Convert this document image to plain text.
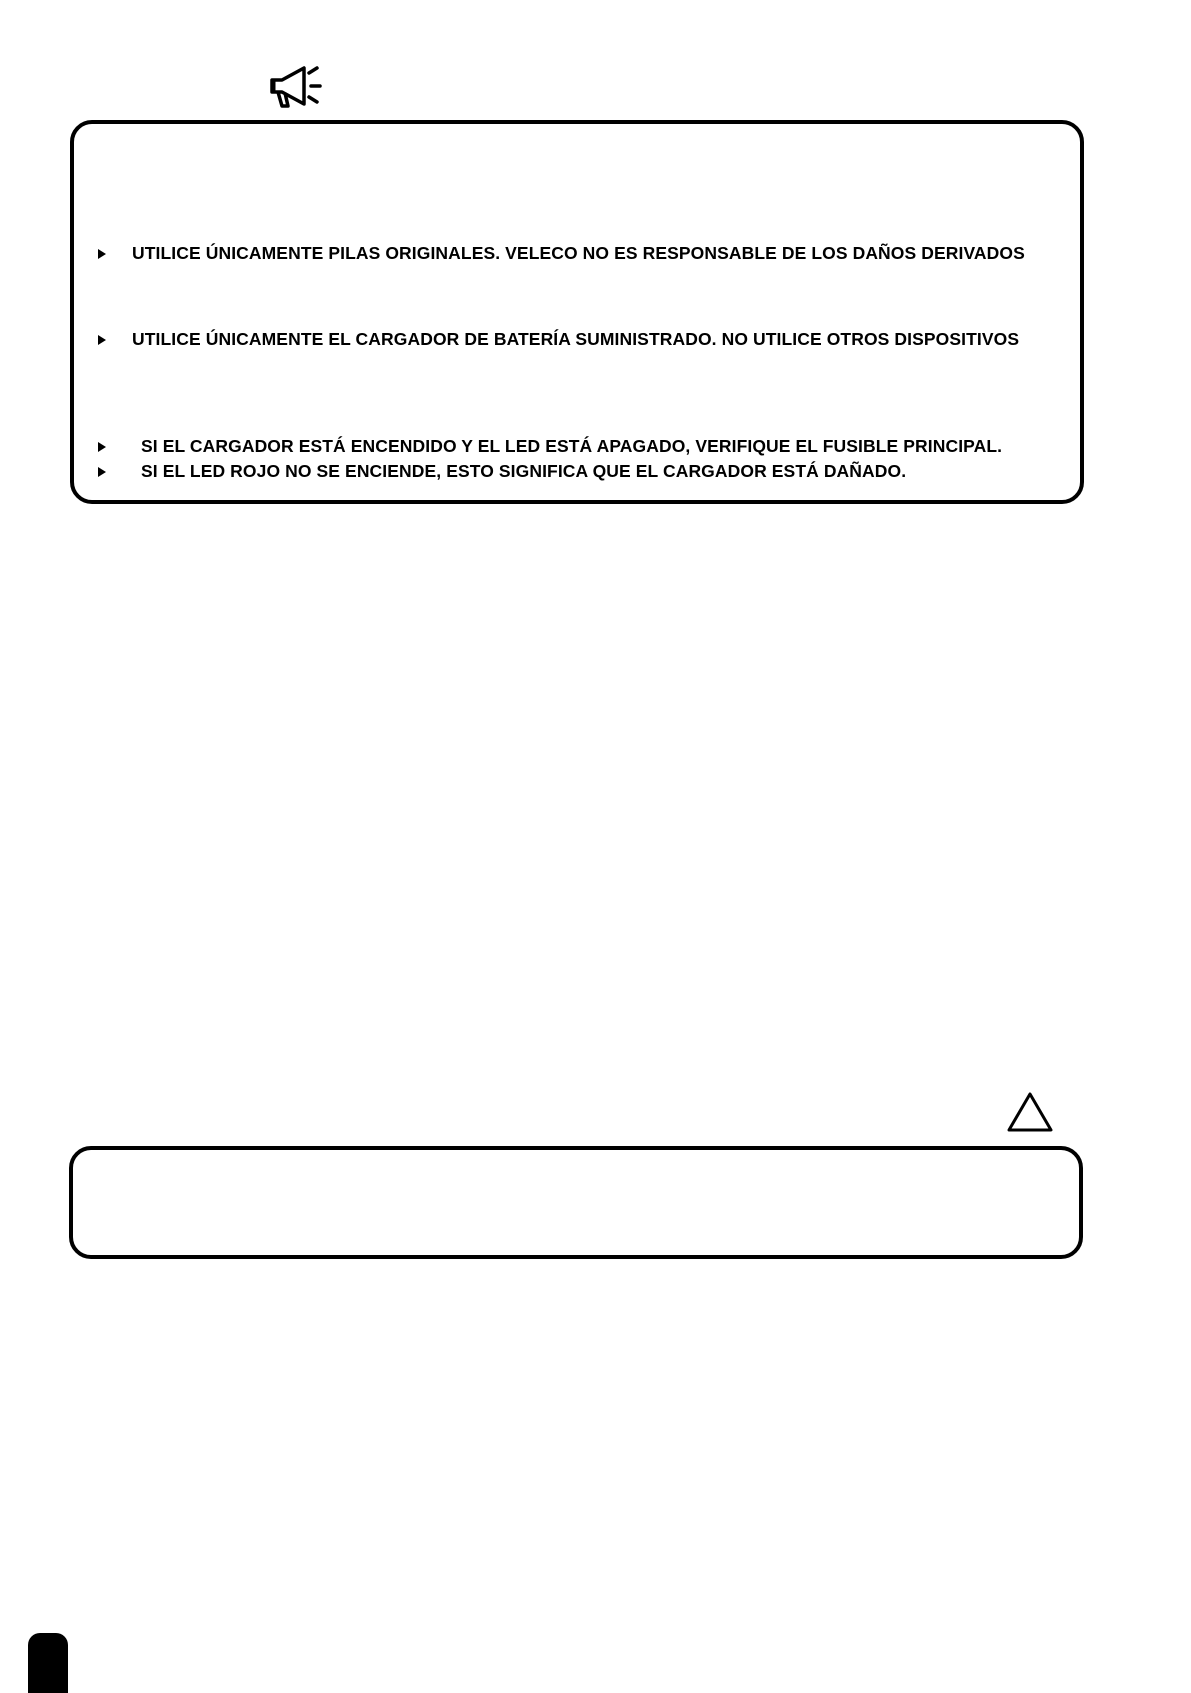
UTILICE ÚNICAMENTE PILAS ORIGINALES. VELECO NO ES RESPONSABLE DE LOS DAÑOS DERIVADOS
UTILICE ÚNICAMENTE EL CARGADOR DE BATERÍA SUMINISTRADO. NO UTILICE OTROS DISPOSITIVOS
SI EL CARGADOR ESTÁ ENCENDIDO Y EL LED ESTÁ APAGADO, VERIFIQUE EL FUSIBLE PRINCIPAL.
SI EL LED ROJO NO SE ENCIENDE, ESTO SIGNIFICA QUE EL CARGADOR ESTÁ DAÑADO.
